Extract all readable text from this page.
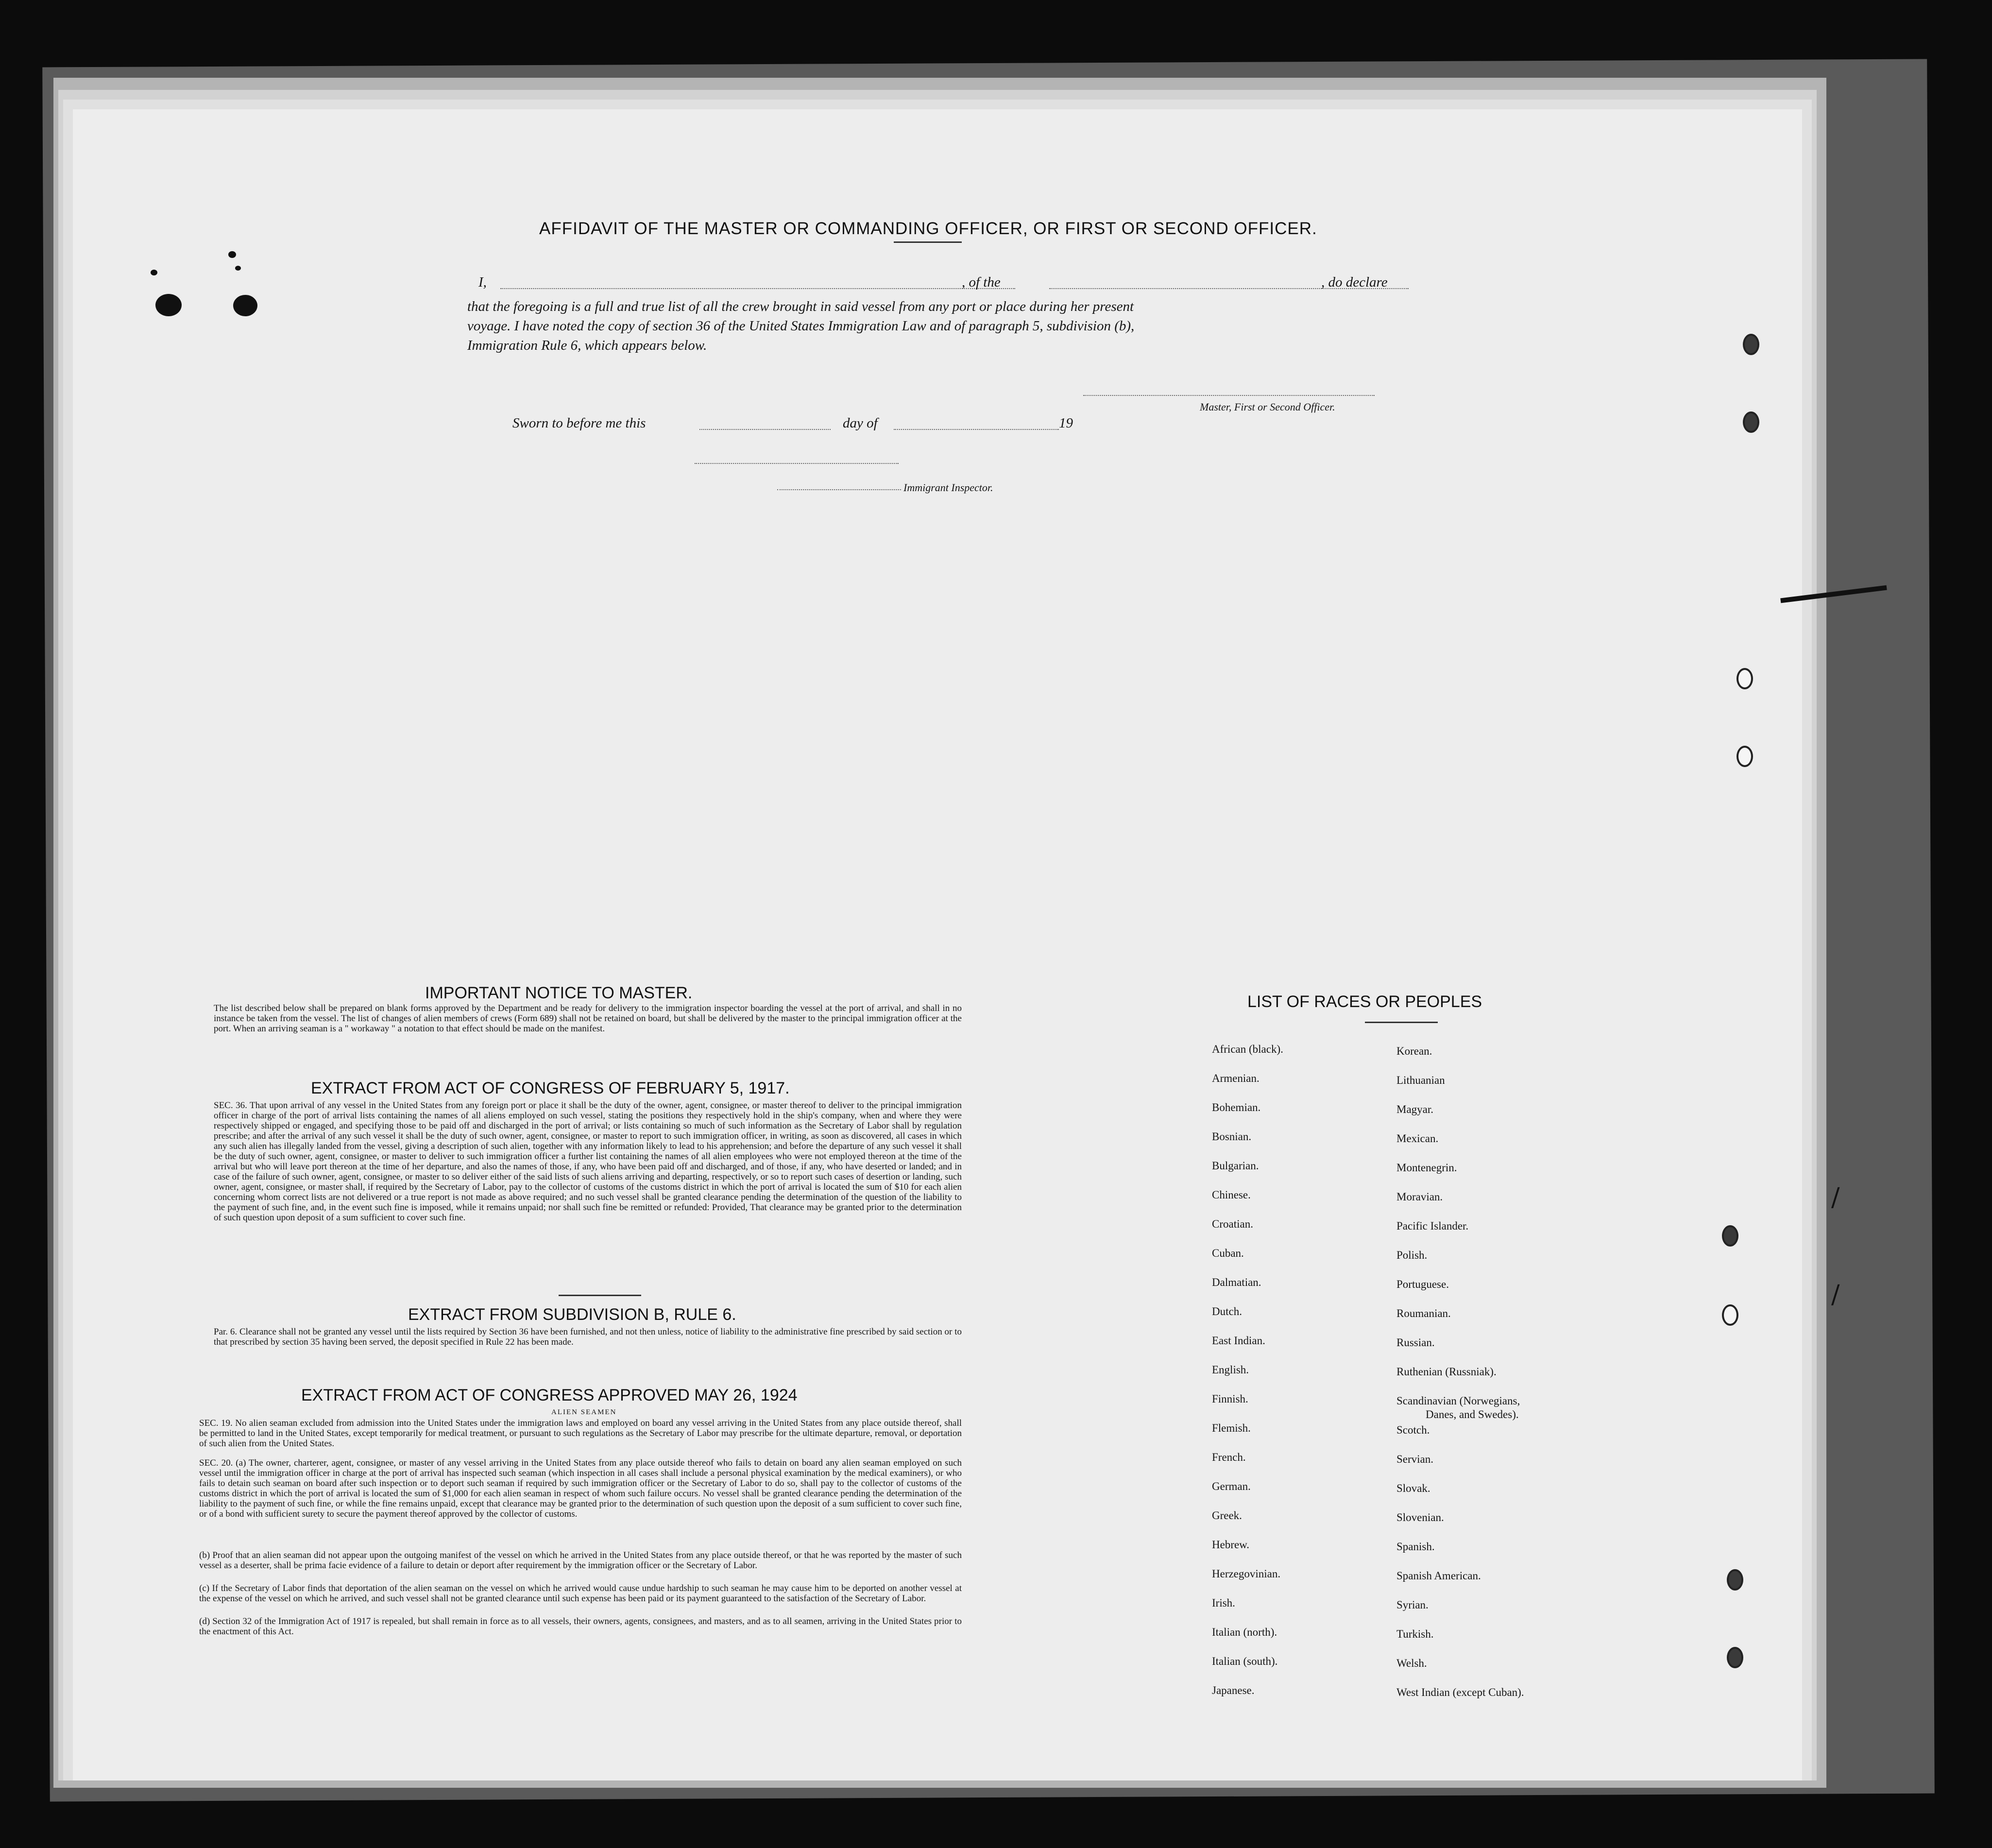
AFFIDAVIT OF THE MASTER OR COMMANDING OFFICER, OR FIRST OR SECOND OFFICER.
I,	, of the	, do declare
that the foregoing is a full and true list of all the crew brought in said vessel from any port or place during her present
voyage. I have noted the copy of section 36 of the United States Immigration Law and of paragraph 5, subdivision (b),
Immigration Rule 6, which appears below.
Master, First or Second Officer.
Sworn to before me this	day of	19
Immigrant Inspector.
IMPORTANT NOTICE TO MASTER.
The list described below shall be prepared on blank forms approved by the Department and be ready for delivery to the immigration inspector boarding the vessel at the port of arrival, and shall in no instance be taken from the vessel. The list of changes of alien members of crews (Form 689) shall not be retained on board, but shall be delivered by the master to the principal immigration officer at the port. When an arriving seaman is a " workaway " a notation to that effect should be made on the manifest.
EXTRACT FROM ACT OF CONGRESS OF FEBRUARY 5, 1917.
SEC. 36. That upon arrival of any vessel in the United States from any foreign port or place it shall be the duty of the owner, agent, consignee, or master thereof to deliver to the principal immigration officer in charge of the port of arrival lists containing the names of all aliens employed on such vessel, stating the positions they respectively hold in the ship's company, when and where they were respectively shipped or engaged, and specifying those to be paid off and discharged in the port of arrival; or lists containing so much of such information as the Secretary of Labor shall by regulation prescribe; and after the arrival of any such vessel it shall be the duty of such owner, agent, consignee, or master to report to such immigration officer, in writing, as soon as discovered, all cases in which any such alien has illegally landed from the vessel, giving a description of such alien, together with any information likely to lead to his apprehension; and before the departure of any such vessel it shall be the duty of such owner, agent, consignee, or master to deliver to such immigration officer a further list containing the names of all alien employees who were not employed thereon at the time of the arrival but who will leave port thereon at the time of her departure, and also the names of those, if any, who have been paid off and discharged, and of those, if any, who have deserted or landed; and in case of the failure of such owner, agent, consignee, or master to so deliver either of the said lists of such aliens arriving and departing, respectively, or so to report such cases of desertion or landing, such owner, agent, consignee, or master shall, if required by the Secretary of Labor, pay to the collector of customs of the customs district in which the port of arrival is located the sum of $10 for each alien concerning whom correct lists are not delivered or a true report is not made as above required; and no such vessel shall be granted clearance pending the determination of the question of the liability to the payment of such fine, and, in the event such fine is imposed, while it remains unpaid; nor shall such fine be remitted or refunded: Provided, That clearance may be granted prior to the determination of such question upon deposit of a sum sufficient to cover such fine.
EXTRACT FROM SUBDIVISION B, RULE 6.
Par. 6. Clearance shall not be granted any vessel until the lists required by Section 36 have been furnished, and not then unless, notice of liability to the administrative fine prescribed by said section or to that prescribed by section 35 having been served, the deposit specified in Rule 22 has been made.
EXTRACT FROM ACT OF CONGRESS APPROVED MAY 26, 1924
ALIEN SEAMEN
SEC. 19. No alien seaman excluded from admission into the United States under the immigration laws and employed on board any vessel arriving in the United States from any place outside thereof, shall be permitted to land in the United States, except temporarily for medical treatment, or pursuant to such regulations as the Secretary of Labor may prescribe for the ultimate departure, removal, or deportation of such alien from the United States.
SEC. 20. (a) The owner, charterer, agent, consignee, or master of any vessel arriving in the United States from any place outside thereof who fails to detain on board any alien seaman employed on such vessel until the immigration officer in charge at the port of arrival has inspected such seaman (which inspection in all cases shall include a personal physical examination by the medical examiners), or who fails to detain such seaman on board after such inspection or to deport such seaman if required by such immigration officer or the Secretary of Labor to do so, shall pay to the collector of customs of the customs district in which the port of arrival is located the sum of $1,000 for each alien seaman in respect of whom such failure occurs. No vessel shall be granted clearance pending the determination of the liability to the payment of such fine, or while the fine remains unpaid, except that clearance may be granted prior to the determination of such question upon the deposit of a sum sufficient to cover such fine, or of a bond with sufficient surety to secure the payment thereof approved by the collector of customs.
(b) Proof that an alien seaman did not appear upon the outgoing manifest of the vessel on which he arrived in the United States from any place outside thereof, or that he was reported by the master of such vessel as a deserter, shall be prima facie evidence of a failure to detain or deport after requirement by the immigration officer or the Secretary of Labor.
(c) If the Secretary of Labor finds that deportation of the alien seaman on the vessel on which he arrived would cause undue hardship to such seaman he may cause him to be deported on another vessel at the expense of the vessel on which he arrived, and such vessel shall not be granted clearance until such expense has been paid or its payment guaranteed to the satisfaction of the Secretary of Labor.
(d) Section 32 of the Immigration Act of 1917 is repealed, but shall remain in force as to all vessels, their owners, agents, consignees, and masters, and as to all seamen, arriving in the United States prior to the enactment of this Act.
LIST OF RACES OR PEOPLES
African (black).
Armenian.
Bohemian.
Bosnian.
Bulgarian.
Chinese.
Croatian.
Cuban.
Dalmatian.
Dutch.
East Indian.
English.
Finnish.
Flemish.
French.
German.
Greek.
Hebrew.
Herzegovinian.
Irish.
Italian (north).
Italian (south).
Japanese.
Korean.
Lithuanian
Magyar.
Mexican.
Montenegrin.
Moravian.
Pacific Islander.
Polish.
Portuguese.
Roumanian.
Russian.
Ruthenian (Russniak).
Scandinavian (Norwegians,
Danes, and Swedes).
Scotch.
Servian.
Slovak.
Slovenian.
Spanish.
Spanish American.
Syrian.
Turkish.
Welsh.
West Indian (except Cuban).
/
/
